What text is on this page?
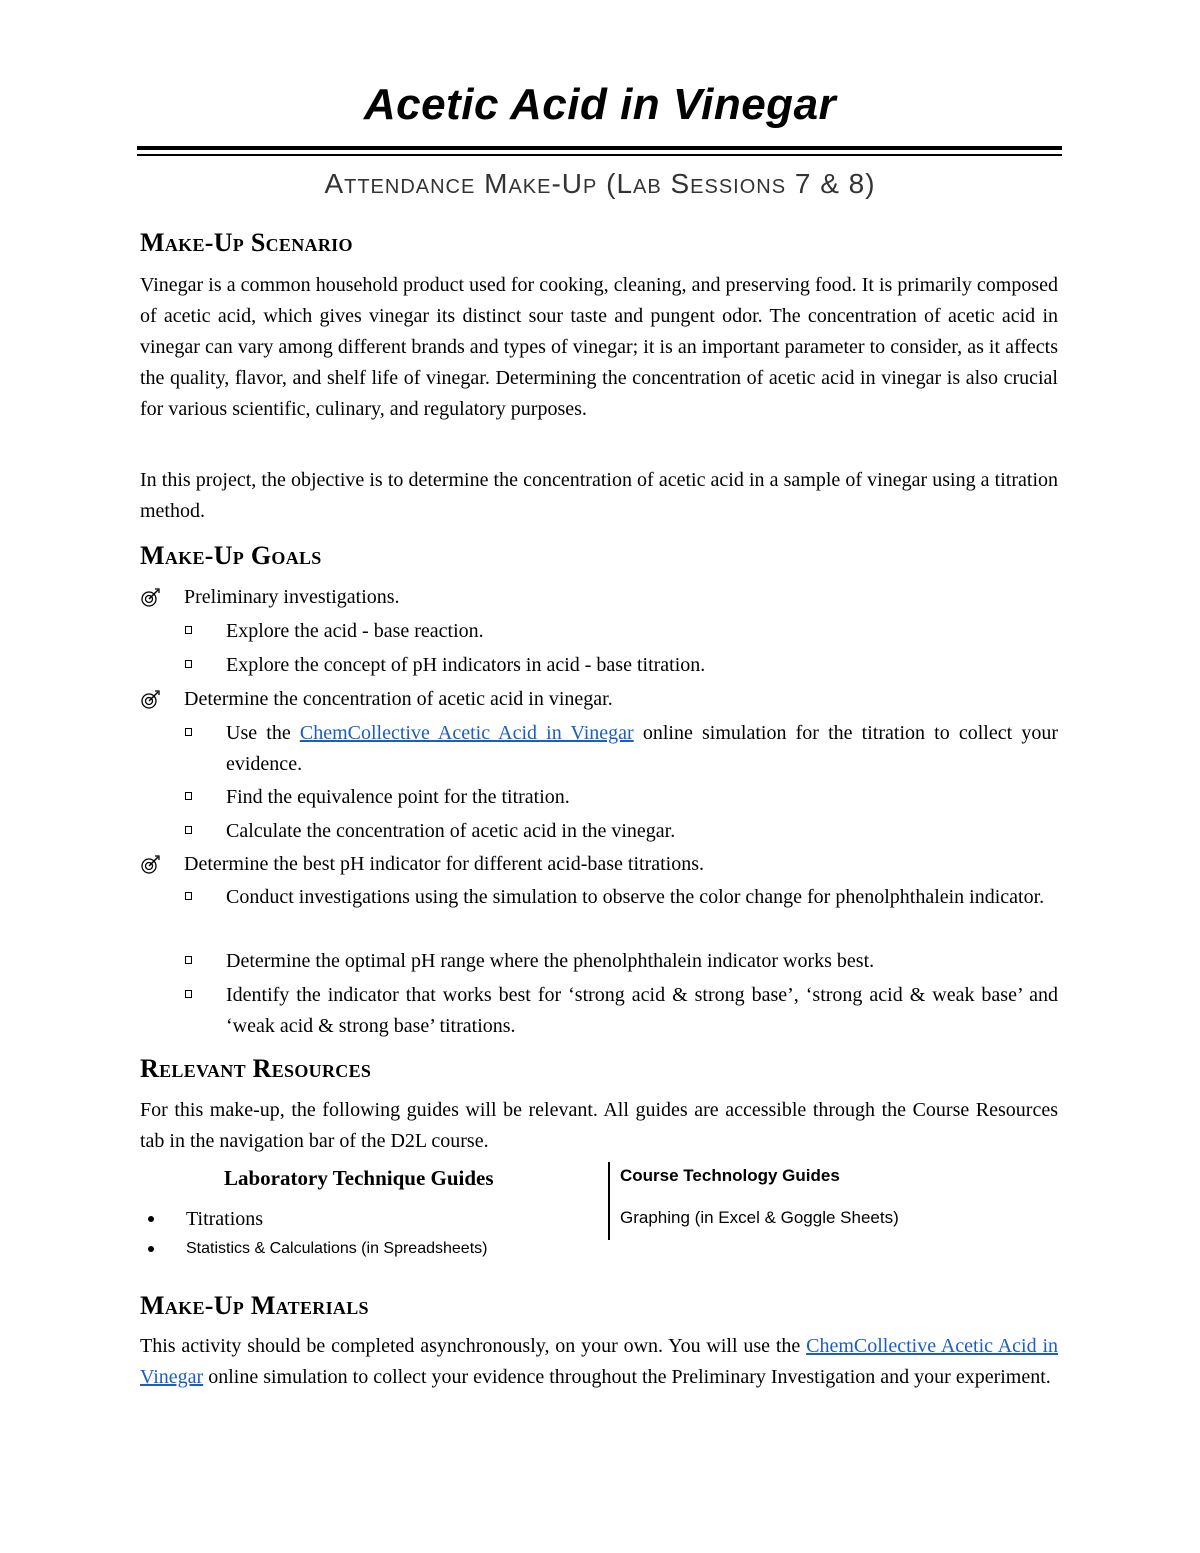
Acetic Acid in Vinegar
Attendance Make-Up (Lab Sessions 7 & 8)
Make-Up Scenario

Vinegar is a common household product used for cooking, cleaning, and preserving food. It is primarily composed of acetic acid, which gives vinegar its distinct sour taste and pungent odor. The concentration of acetic acid in vinegar can vary among different brands and types of vinegar; it is an important parameter to consider, as it affects the quality, flavor, and shelf life of vinegar. Determining the concentration of acetic acid in vinegar is also crucial for various scientific, culinary, and regulatory purposes.

In this project, the objective is to determine the concentration of acetic acid in a sample of vinegar using a titration method.

Make-Up Goals
Preliminary investigations.
Explore the acid - base reaction.
Explore the concept of pH indicators in acid - base titration.
Determine the concentration of acetic acid in vinegar.
Use the ChemCollective Acetic Acid in Vinegar online simulation for the titration to collect your evidence.
Find the equivalence point for the titration.
Calculate the concentration of acetic acid in the vinegar.
Determine the best pH indicator for different acid-base titrations.
Conduct investigations using the simulation to observe the color change for phenolphthalein indicator.
Determine the optimal pH range where the phenolphthalein indicator works best.
Identify the indicator that works best for ‘strong acid & strong base’, ‘strong acid & weak base’ and ‘weak acid & strong base’ titrations.
Relevant Resources

For this make-up, the following guides will be relevant. All guides are accessible through the Course Resources tab in the navigation bar of the D2L course.

Laboratory Technique Guides

Titrations
Statistics & Calculations (in Spreadsheets)

Course Technology Guides

Graphing (in Excel & Goggle Sheets)

Make-Up Materials

This activity should be completed asynchronously, on your own. You will use the ChemCollective Acetic Acid in Vinegar online simulation to collect your evidence throughout the Preliminary Investigation and your experiment.
